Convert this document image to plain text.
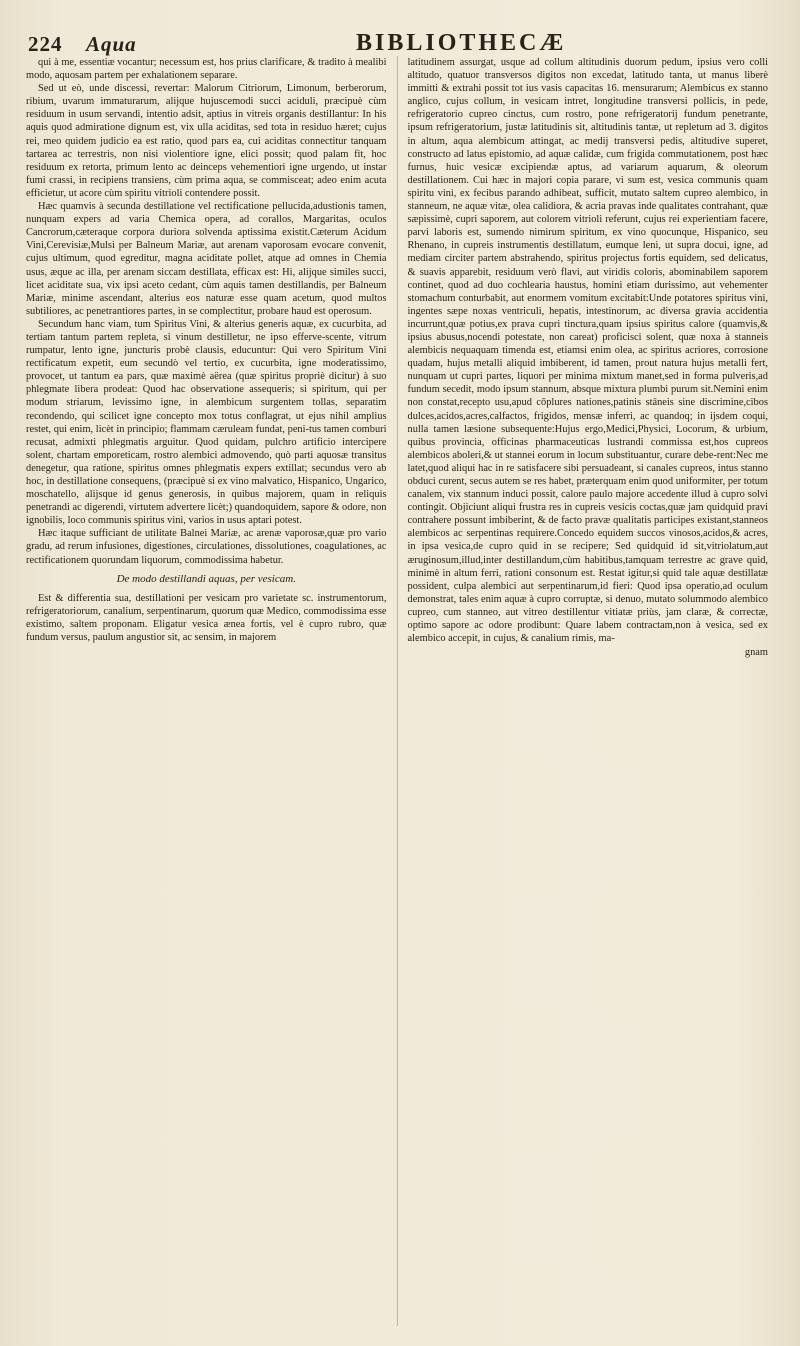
224 Aqua	BIBLIOTHECÆ

qui à me, essentiæ vocantur; necessum est, hos prius clarificare, & tradito à mealibi modo, aquosam partem per exhalationem separare.

Sed ut eò, unde discessi, revertar: Malorum Citriorum, Limonum, berberorum, ribium, uvarum immaturarum, alijque hujuscemodi succi aciduli, præcipuè cùm residuum in usum servandi, intentio adsit, aptius in vitreis organis destillantur: In his aquis quod admiratione dignum est, vix ulla aciditas, sed tota in residuo hæret; cujus rei, meo quidem judicio ea est ratio, quod pars ea, cui aciditas connectitur tanquam tartarea ac terrestris, non nisi violentiore igne, elici possit; quod palam fit, hoc residuum ex retorta, primum lento ac deinceps vehementiori igne urgendo, ut instar fumi crassi, in recipiens transiens, cùm prima aqua, se commisceat; adeo enim acuta efficietur, ut acore cùm spiritu vitrioli contendere possit.

Hæc quamvis à secunda destillatione vel rectificatione pellucida,adustionis tamen, nunquam expers ad varia Chemica opera, ad corallos, Margaritas, oculos Cancrorum,cæteraque corpora duriora solvenda aptissima existit.Cæterum Acidum Vini,Cerevisiæ,Mulsi per Balneum Mariæ, aut arenam vaporosam evocare convenit, cujus ultimum, quod egreditur, magna aciditate pollet, atque ad omnes in Chemia usus, æque ac illa, per arenam siccam destillata, efficax est: Hi, alijque similes succi, licet aciditate sua, vix ipsi aceto cedant, cùm aquis tamen destillandis, per Balneum Mariæ, minime ascendant, alterius eos naturæ esse quam acetum, quod multos subtiliores, ac penetrantiores partes, in se complectitur, probare haud est operosum.

Secundum hanc viam, tum Spiritus Vini, & alterius generis aquæ, ex cucurbita, ad tertiam tantum partem repleta, si vinum destilletur, ne ipso efferve-scente, vitrum rumpatur, lento igne, juncturis probè clausis, educuntur: Qui vero Spiritum Vini rectificatum expetit, eum secundò vel tertio, ex cucurbita, igne moderatissimo, provocet, ut tantum ea pars, quæ maximè aërea (quæ spiritus propriè dicitur) à suo phlegmate libera prodeat: Quod hac observatione assequeris; si spiritum, qui per modum striarum, levissimo igne, in alembicum surgentem tollas, separatim recondendo, qui scilicet igne concepto mox totus conflagrat, ut ejus nihil amplius restet, qui enim, licèt in principio; flammam cæruleam fundat, peni-tus tamen comburi recusat, admixti phlegmatis arguitur. Quod quidam, pulchro artificio intercipere solent, chartam emporeticam, rostro alembici admovendo, quò parti aquosæ transitus denegetur, qua ratione, spiritus omnes phlegmatis expers extillat; secundus vero ab hoc, in destillatione consequens, (præcipuè si ex vino malvatico, Hispanico, Ungarico, moschatello, alijsque id genus generosis, in quibus majorem, quam in reliquis penetrandi ac digerendi, virtutem advertere licèt;) quandoquidem, sapore & odore, non ignobilis, loco communis spiritus vini, varios in usus aptari potest.

Hæc itaque sufficiant de utilitate Balnei Mariæ, ac arenæ vaporosæ,quæ pro vario gradu, ad rerum infusiones, digestiones, circulationes, dissolutiones, coagulationes, ac rectificationem quorundam liquorum, commodissima habetur.

De modo destillandi aquas, per vesicam.

Est & differentia sua, destillationi per vesicam pro varietate sc. instrumentorum, refrigeratoriorum, canalium, serpentinarum, quorum quæ Medico, commodissima esse existimo, saltem proponam. Eligatur vesica ænea fortis, vel è cupro rubro, quæ fundum versus, paulum angustior sit, ac sensim, in majorem

latitudinem assurgat, usque ad collum altitudinis duorum pedum, ipsius vero colli altitudo, quatuor transversos digitos non excedat, latitudo tanta, ut manus liberè immitti & extrahi possit tot ius vasis capacitas 16. mensurarum; Alembicus ex stanno anglico, cujus collum, in vesicam intret, longitudine transversi pollicis, in pede, refrigeratorio cupreo cinctus, cum rostro, pone refrigeratorij fundum penetrante, ipsum refrigeratorium, justæ latitudinis sit, altitudinis tantæ, ut repletum ad 3. digitos in altum, aqua alembicum attingat, ac medij transversi pedis, altitudive superet, constructo ad latus epistomio, ad aquæ calidæ, cum frigida commutationem, post hæc furnus, huic vesicæ excipiendæ aptus, ad variarum aquarum, & oleorum destillationem. Cui hæc in majori copia parare, vi sum est, vesica communis quam spiritu vini, ex fecibus parando adhibeat, sufficit, mutato saltem cupreo alembico, in stanneum, ne aquæ vitæ, olea calidiora, & acria pravas inde qualitates contrahant, quæ sæpissimè, cupri saporem, aut colorem vitrioli referunt, cujus rei experientiam facere, parvi laboris est, sumendo nimirum spiritum, ex vino quocunque, Hispanico, seu Rhenano, in cupreis instrumentis destillatum, eumque leni, ut supra docui, igne, ad mediam circiter partem abstrahendo, spiritus projectus fortis equidem, sed delicatus, & suavis apparebit, residuum verò flavi, aut viridis coloris, abominabilem saporem continet, quod ad duo cochlearia haustus, homini etiam durissimo, aut vehementer stomachum conturbabit, aut enormem vomitum excitabit:Unde potatores spiritus vini, ingentes sæpe noxas ventriculi, hepatis, intestinorum, ac diversa gravia accidentia incurrunt,quæ potius,ex prava cupri tinctura,quam ipsius spiritus calore (quamvis,& ipsius abusus,nocendi potestate, non careat) proficisci solent, quæ noxa à stanneis alembicis nequaquam timenda est, etiamsi enim olea, ac spiritus acriores, corrosione quadam, hujus metalli aliquid imbiberent, id tamen, prout natura hujus metalli fert, nunquam ut cupri partes, liquori per minima mixtum manet,sed in forma pulveris,ad fundum secedit, modo ipsum stannum, absque mixtura plumbi purum sit.Nemini enim non constat,recepto usu,apud cōplures nationes,patinis stāneis sine discrimine,cibos dulces,acidos,acres,calfactos, frigidos, mensæ inferri, ac quandoq; in ijsdem coqui, nulla tamen læsione subsequente:Hujus ergo,Medici,Physici, Locorum, & urbium, quibus provincia, officinas pharmaceuticas lustrandi commissa est,hos cupreos alembicos aboleri,& ut stannei eorum in locum substituantur, curare debe-rent:Nec me latet,quod aliqui hac in re satisfacere sibi persuadeant, si canales cupreos, intus stanno obduci curent, secus autem se res habet, præterquam enim quod uniformiter, per totum canalem, vix stannum induci possit, calore paulo majore accedente illud à cupro solvi contingit. Objiciunt aliqui frustra res in cupreis vesicis coctas,quæ jam quidquid pravi contrahere possunt imbiberint, & de facto pravæ qualitatis participes existant,stanneos alembicos ac serpentinas requirere.Concedo equidem succos vinosos,acidos,& acres, in ipsa vesica,de cupro quid in se recipere; Sed quidquid id sit,vitriolatum,aut æruginosum,illud,inter destillandum,cùm habitibus,tamquam terrestre ac grave quid, minimè in altum ferri, rationi consonum est. Restat igitur,si quid tale aquæ destillatæ possident, culpa alembici aut serpentinarum,id fieri: Quod ipsa operatio,ad oculum demonstrat, tales enim aquæ à cupro corruptæ, si denuo, mutato solummodo alembico cupreo, cum stanneo, aut vitreo destillentur vitiatæ priùs, jam claræ, & correctæ, optimo sapore ac odore prodibunt: Quare labem contractam,non à vesica, sed ex alembico accepit, in cujus, & canalium rimis, ma-

gnam
